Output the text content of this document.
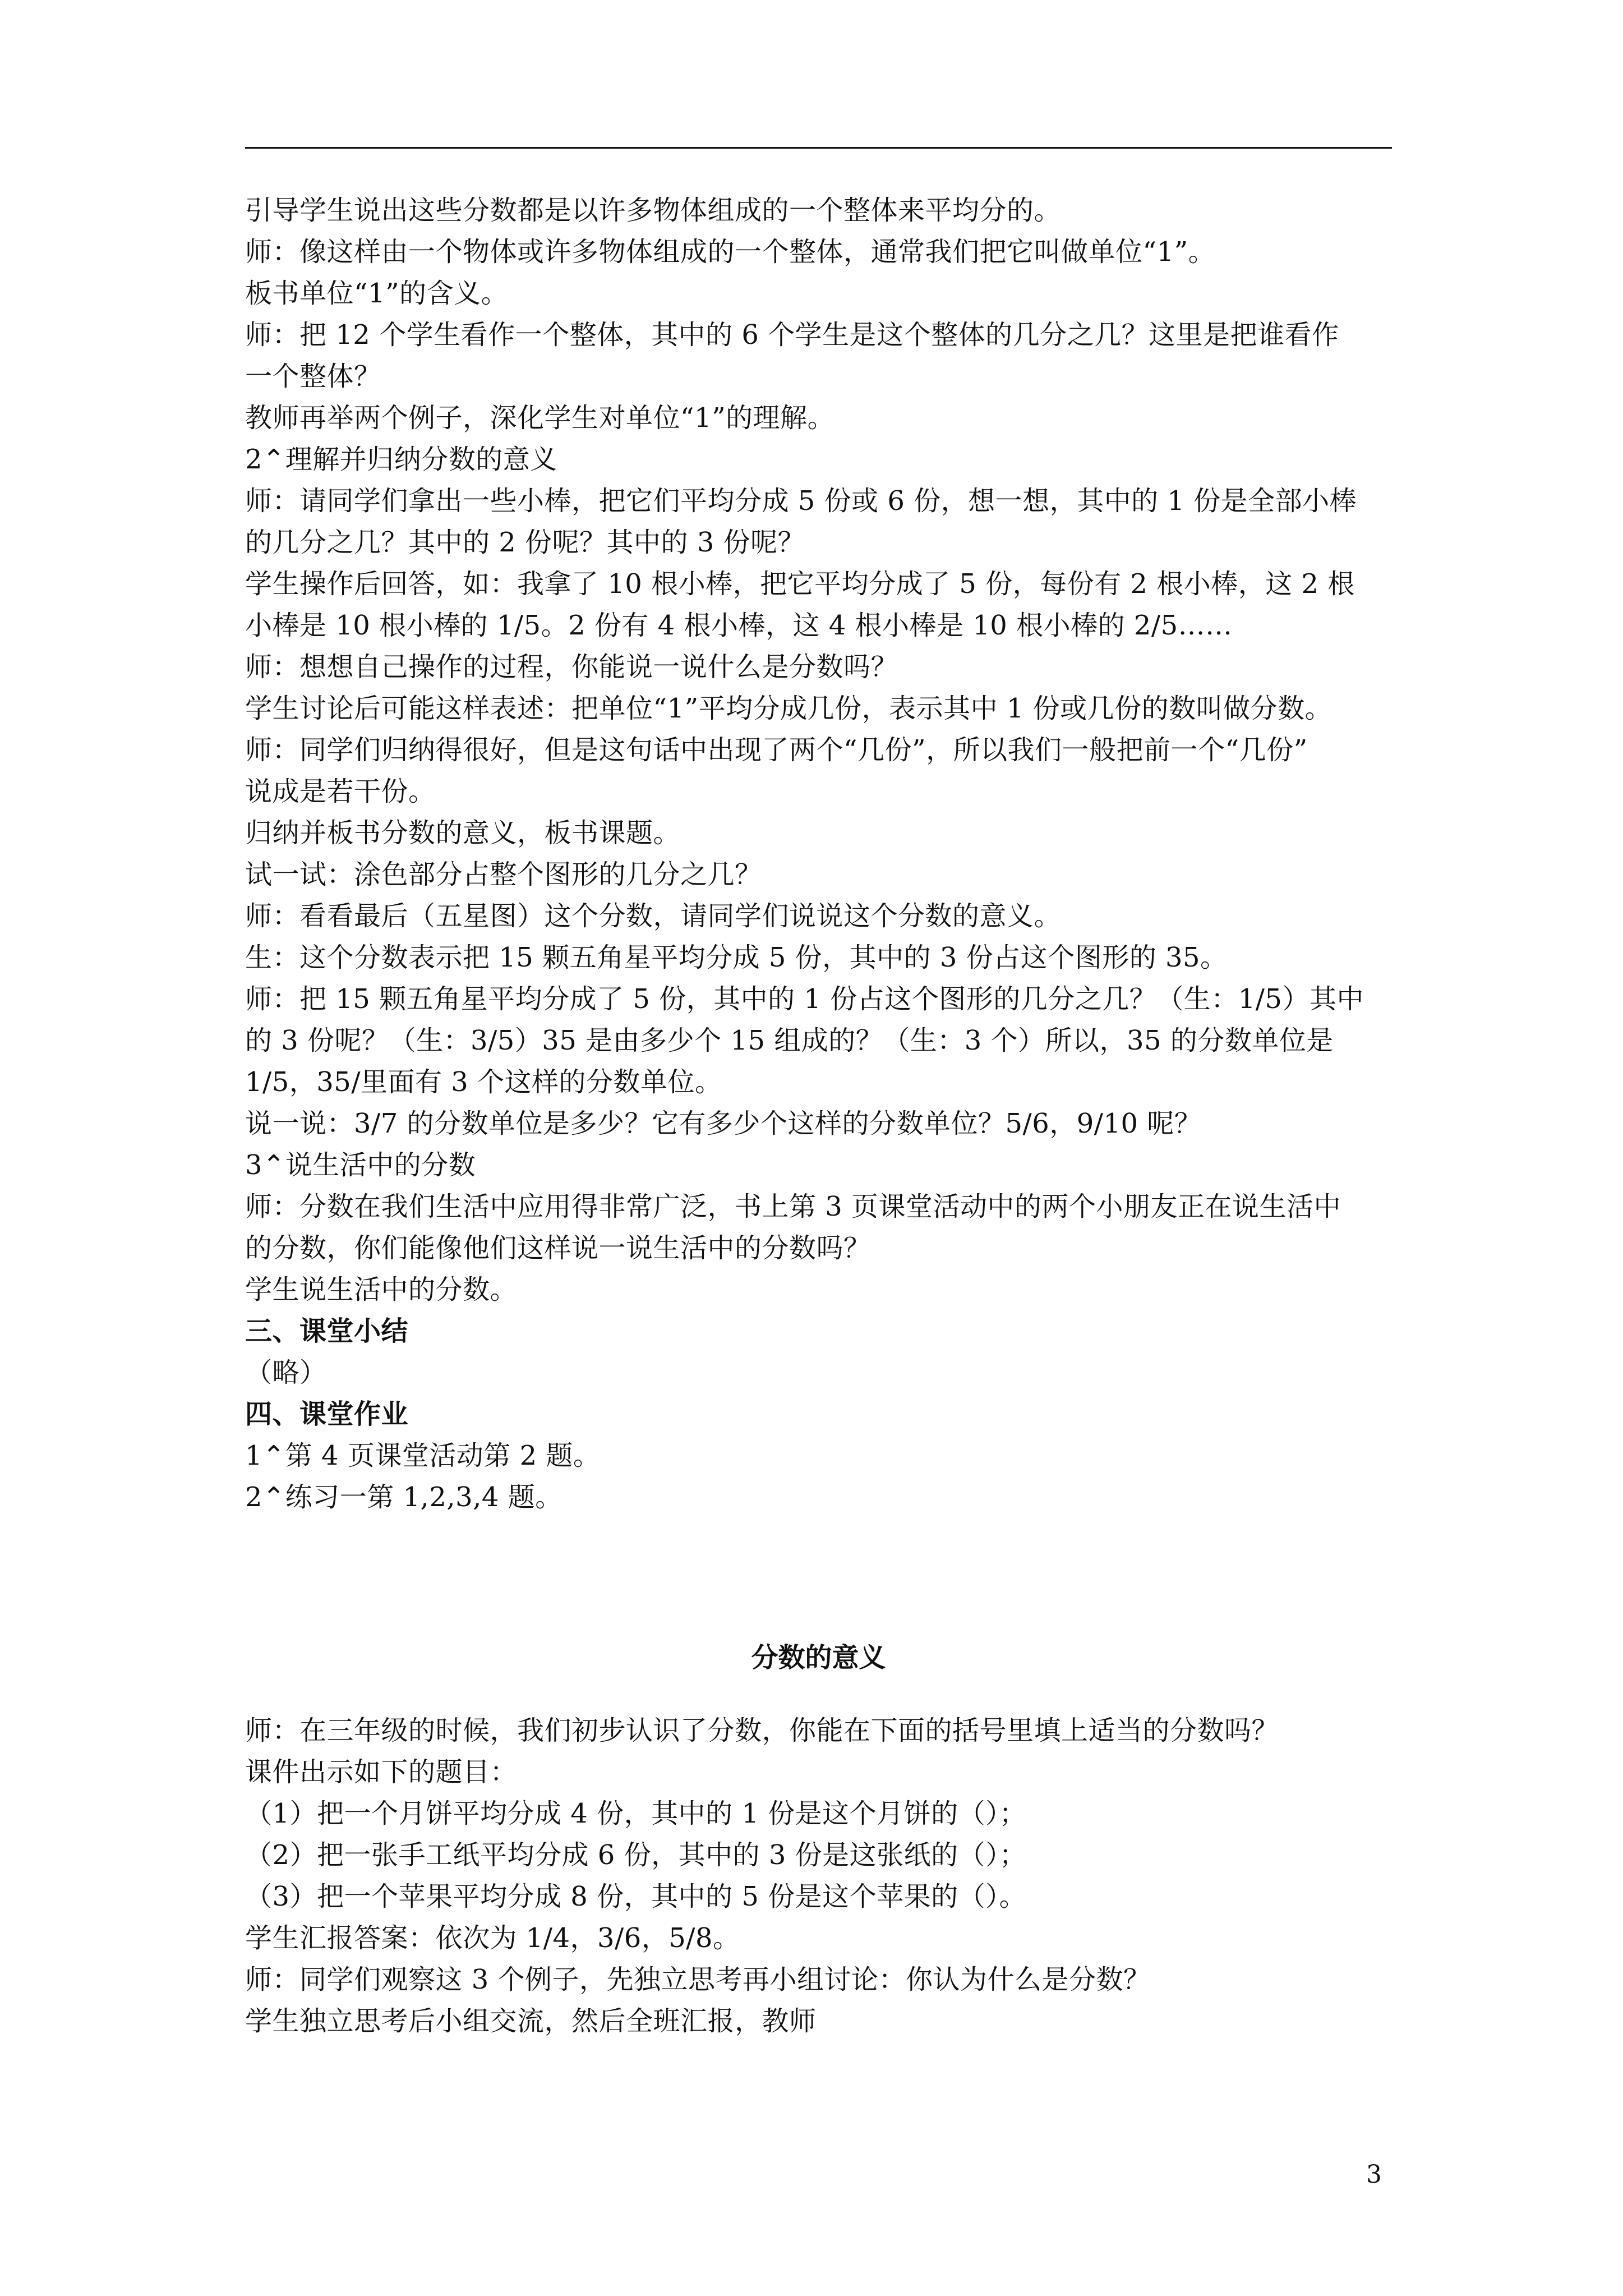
引导学生说出这些分数都是以许多物体组成的一个整体来平均分的。
师：像这样由一个物体或许多物体组成的一个整体，通常我们把它叫做单位“1”。
板书单位“1”的含义。
师：把 12 个学生看作一个整体，其中的 6 个学生是这个整体的几分之几？这里是把谁看作
一个整体？
教师再举两个例子，深化学生对单位“1”的理解。
2⌃理解并归纳分数的意义
师：请同学们拿出一些小棒，把它们平均分成 5 份或 6 份，想一想，其中的 1 份是全部小棒
的几分之几？其中的 2 份呢？其中的 3 份呢？
学生操作后回答，如：我拿了 10 根小棒，把它平均分成了 5 份，每份有 2 根小棒，这 2 根
小棒是 10 根小棒的 1/5。2 份有 4 根小棒，这 4 根小棒是 10 根小棒的 2/5……
师：想想自己操作的过程，你能说一说什么是分数吗？
学生讨论后可能这样表述：把单位“1”平均分成几份，表示其中 1 份或几份的数叫做分数。
师：同学们归纳得很好，但是这句话中出现了两个“几份”，所以我们一般把前一个“几份”
说成是若干份。
归纳并板书分数的意义，板书课题。
试一试：涂色部分占整个图形的几分之几？
师：看看最后（五星图）这个分数，请同学们说说这个分数的意义。
生：这个分数表示把 15 颗五角星平均分成 5 份，其中的 3 份占这个图形的 35。
师：把 15 颗五角星平均分成了 5 份，其中的 1 份占这个图形的几分之几？（生：1/5）其中
的 3 份呢？（生：3/5）35 是由多少个 15 组成的？（生：3 个）所以，35 的分数单位是
1/5，35/里面有 3 个这样的分数单位。
说一说：3/7 的分数单位是多少？它有多少个这样的分数单位？5/6，9/10 呢？
3⌃说生活中的分数
师：分数在我们生活中应用得非常广泛，书上第 3 页课堂活动中的两个小朋友正在说生活中
的分数，你们能像他们这样说一说生活中的分数吗？
学生说生活中的分数。
三、课堂小结
（略）
四、课堂作业
1⌃第 4 页课堂活动第 2 题。
2⌃练习一第 1,2,3,4 题。
分数的意义
师：在三年级的时候，我们初步认识了分数，你能在下面的括号里填上适当的分数吗？
课件出示如下的题目：
（1）把一个月饼平均分成 4 份，其中的 1 份是这个月饼的（）；
（2）把一张手工纸平均分成 6 份，其中的 3 份是这张纸的（）；
（3）把一个苹果平均分成 8 份，其中的 5 份是这个苹果的（）。
学生汇报答案：依次为 1/4，3/6，5/8。
师：同学们观察这 3 个例子，先独立思考再小组讨论：你认为什么是分数？
学生独立思考后小组交流，然后全班汇报，教师
3
